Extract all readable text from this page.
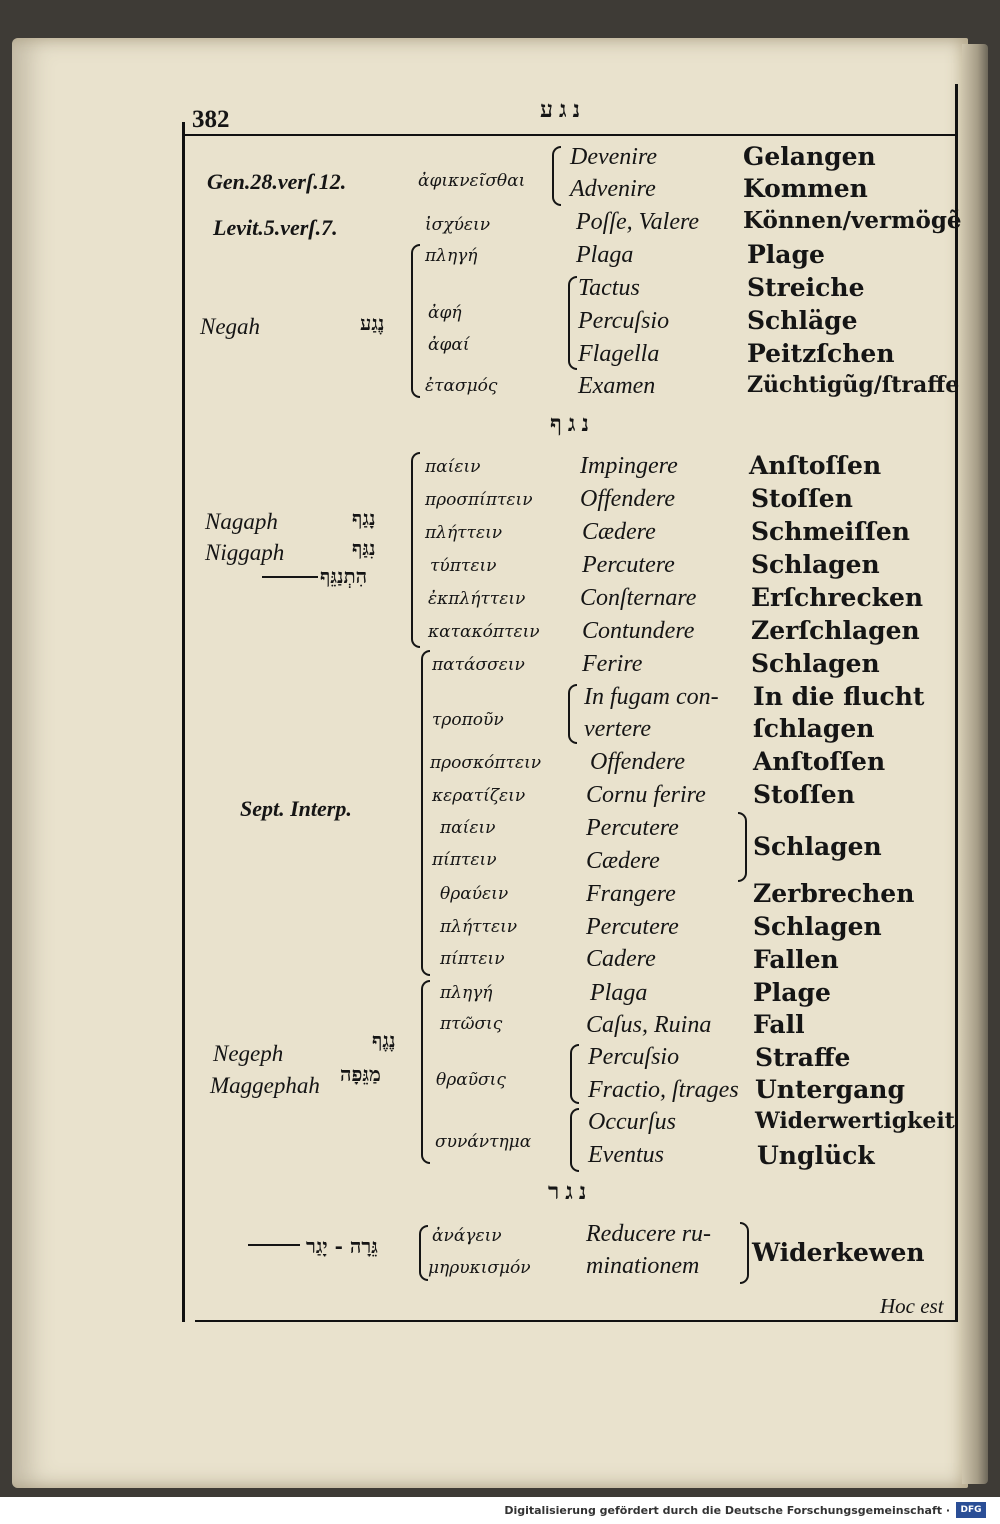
382	נגע
Gen.28.verſ.12.
Levit.5.verſ.7.
Negah
Nagaph
Niggaph
Sept. Interp.
Negeph
Maggephah
נֶגַע
נָגַף
נִגַּף
הִתְנַגֵּף
נֶגֶף
מַגֵּפָה
גֵּרָה - יָגַר
נגף
נגר
ἀφικνεῖσθαι
ἰσχύειν
πληγή
ἀφή
ἀφαί
ἐτασμός
παίειν
προσπίπτειν
πλήττειν
τύπτειν
ἐκπλήττειν
κατακόπτειν
πατάσσειν
τροποῦν
προσκόπτειν
κερατίζειν
παίειν
πίπτειν
θραύειν
πλήττειν
πίπτειν
πληγή
πτῶσις
θραῦσις
συνάντημα
ἀνάγειν
μηρυκισμόν
Devenire
Advenire
Poſſe, Valere
Plaga
Tactus
Percuſsio
Flagella
Examen
Impingere
Offendere
Cædere
Percutere
Conſternare
Contundere
Ferire
In fugam con-
vertere
Offendere
Cornu ferire
Percutere
Cædere
Frangere
Percutere
Cadere
Plaga
Caſus, Ruina
Percuſsio
Fractio, ſtrages
Occurſus
Eventus
Reducere ru-
minationem
Gelangen
Kommen
Können/vermögẽ
Plage
Streiche
Schläge
Peitzſchen
Züchtigũg/ſtraffe
Anſtoſſen
Stoſſen
Schmeiſſen
Schlagen
Erſchrecken
Zerſchlagen
Schlagen
In die flucht
ſchlagen
Anſtoſſen
Stoſſen
Schlagen
Zerbrechen
Schlagen
Fallen
Plage
Fall
Straffe
Untergang
Widerwertigkeit
Unglück
Widerkewen
Hoc est
Digitalisierung gefördert durch die Deutsche Forschungsgemeinschaft ·	DFG
